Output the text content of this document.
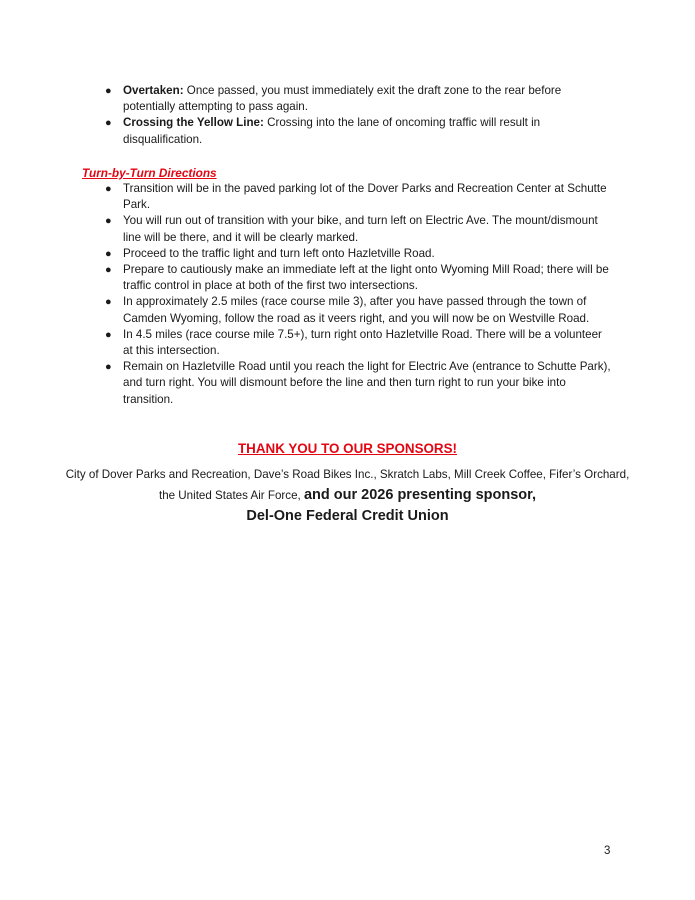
● Overtaken: Once passed, you must immediately exit the draft zone to the rear before potentially attempting to pass again.
● Crossing the Yellow Line: Crossing into the lane of oncoming traffic will result in disqualification.
Turn-by-Turn Directions
● Transition will be in the paved parking lot of the Dover Parks and Recreation Center at Schutte Park.
● You will run out of transition with your bike, and turn left on Electric Ave. The mount/dismount line will be there, and it will be clearly marked.
● Proceed to the traffic light and turn left onto Hazletville Road.
● Prepare to cautiously make an immediate left at the light onto Wyoming Mill Road; there will be traffic control in place at both of the first two intersections.
● In approximately 2.5 miles (race course mile 3), after you have passed through the town of Camden Wyoming, follow the road as it veers right, and you will now be on Westville Road.
● In 4.5 miles (race course mile 7.5+), turn right onto Hazletville Road. There will be a volunteer at this intersection.
● Remain on Hazletville Road until you reach the light for Electric Ave (entrance to Schutte Park), and turn right. You will dismount before the line and then turn right to run your bike into transition.
THANK YOU TO OUR SPONSORS!
City of Dover Parks and Recreation, Dave’s Road Bikes Inc., Skratch Labs, Mill Creek Coffee, Fifer’s Orchard, the United States Air Force, and our 2026 presenting sponsor,
Del-One Federal Credit Union
3
